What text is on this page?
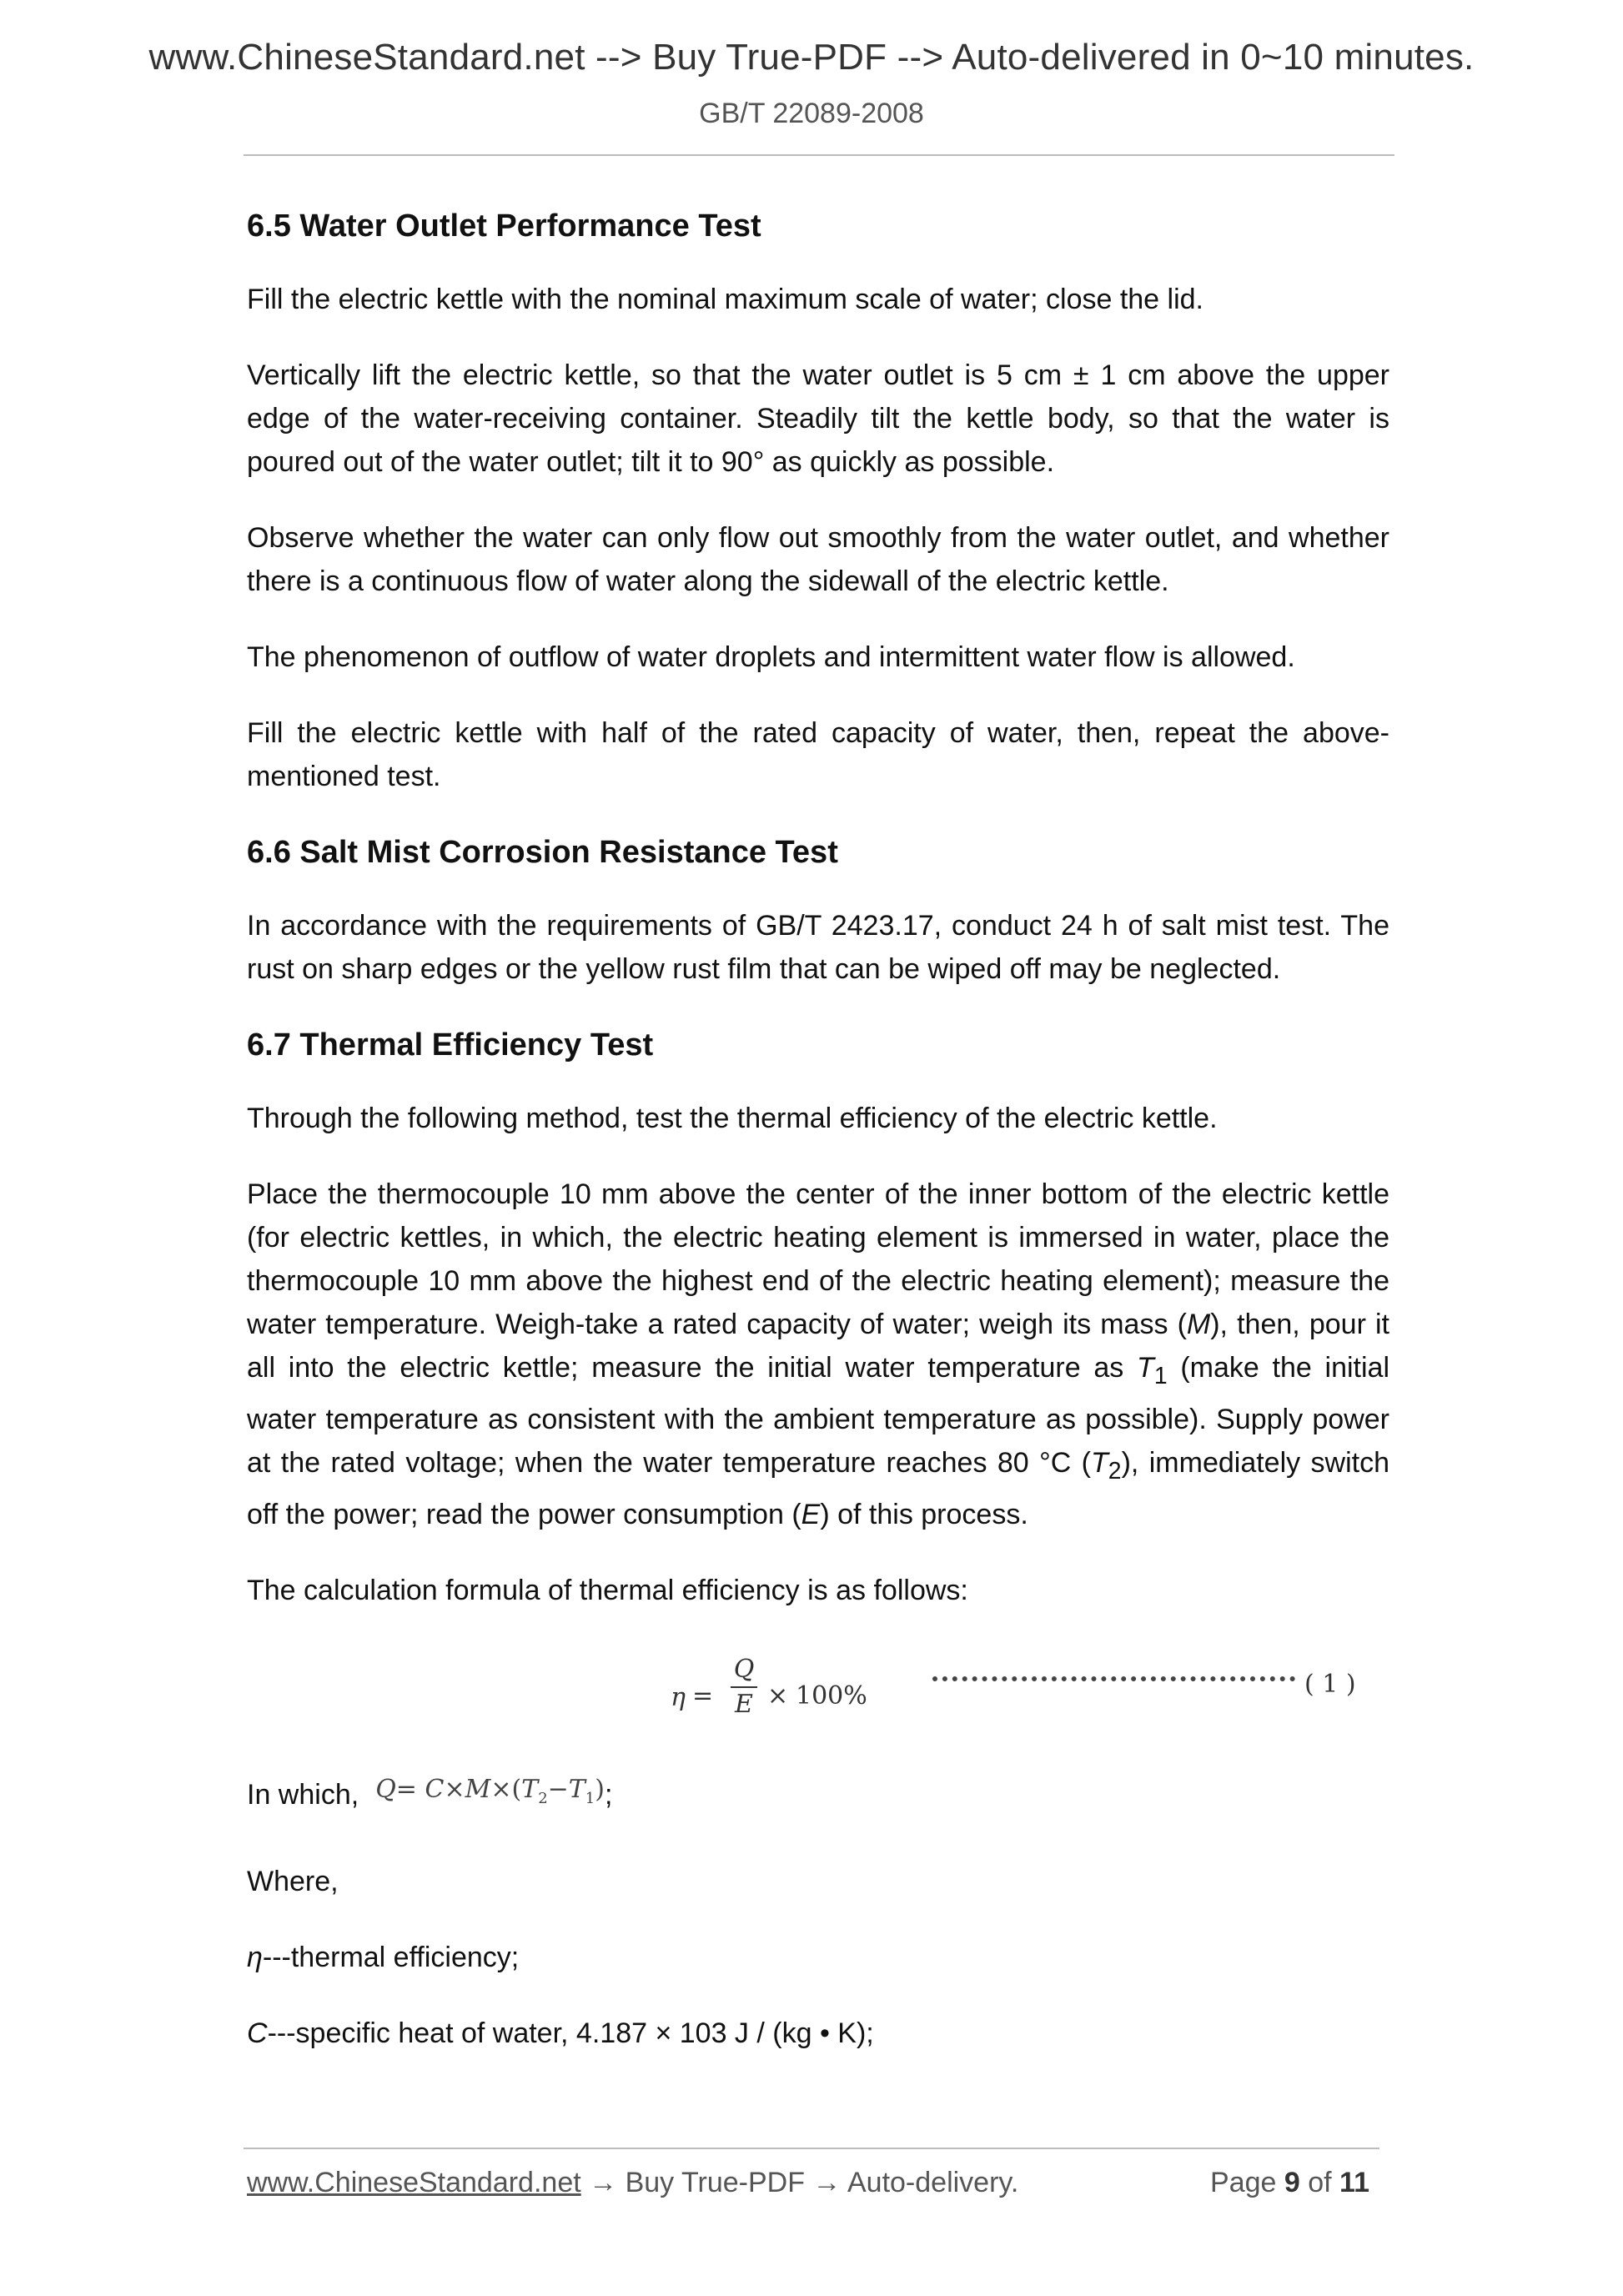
www.ChineseStandard.net --> Buy True-PDF --> Auto-delivered in 0~10 minutes.
GB/T 22089-2008
6.5 Water Outlet Performance Test

Fill the electric kettle with the nominal maximum scale of water; close the lid.

Vertically lift the electric kettle, so that the water outlet is 5 cm ± 1 cm above the upper edge of the water-receiving container. Steadily tilt the kettle body, so that the water is poured out of the water outlet; tilt it to 90° as quickly as possible.

Observe whether the water can only flow out smoothly from the water outlet, and whether there is a continuous flow of water along the sidewall of the electric kettle.

The phenomenon of outflow of water droplets and intermittent water flow is allowed.

Fill the electric kettle with half of the rated capacity of water, then, repeat the above-mentioned test.

6.6 Salt Mist Corrosion Resistance Test

In accordance with the requirements of GB/T 2423.17, conduct 24 h of salt mist test. The rust on sharp edges or the yellow rust film that can be wiped off may be neglected.

6.7 Thermal Efficiency Test

Through the following method, test the thermal efficiency of the electric kettle.

Place the thermocouple 10 mm above the center of the inner bottom of the electric kettle (for electric kettles, in which, the electric heating element is immersed in water, place the thermocouple 10 mm above the highest end of the electric heating element); measure the water temperature. Weigh-take a rated capacity of water; weigh its mass (M), then, pour it all into the electric kettle; measure the initial water temperature as $T_1$ (make the initial water temperature as consistent with the ambient temperature as possible). Supply power at the rated voltage; when the water temperature reaches 80 °C $(T_2)$, immediately switch off the power; read the power consumption (E) of this process.

The calculation formula of thermal efficiency is as follows:

η =
Q
E × 100%	( 1 )

In which, $Q= C\times M\times(T_2-T_1)$;

Where,

η---thermal efficiency;

C---specific heat of water, 4.187 × 103 J / (kg • K);

www.ChineseStandard.net → Buy True-PDF → Auto-delivery.	Page 9 of 11
